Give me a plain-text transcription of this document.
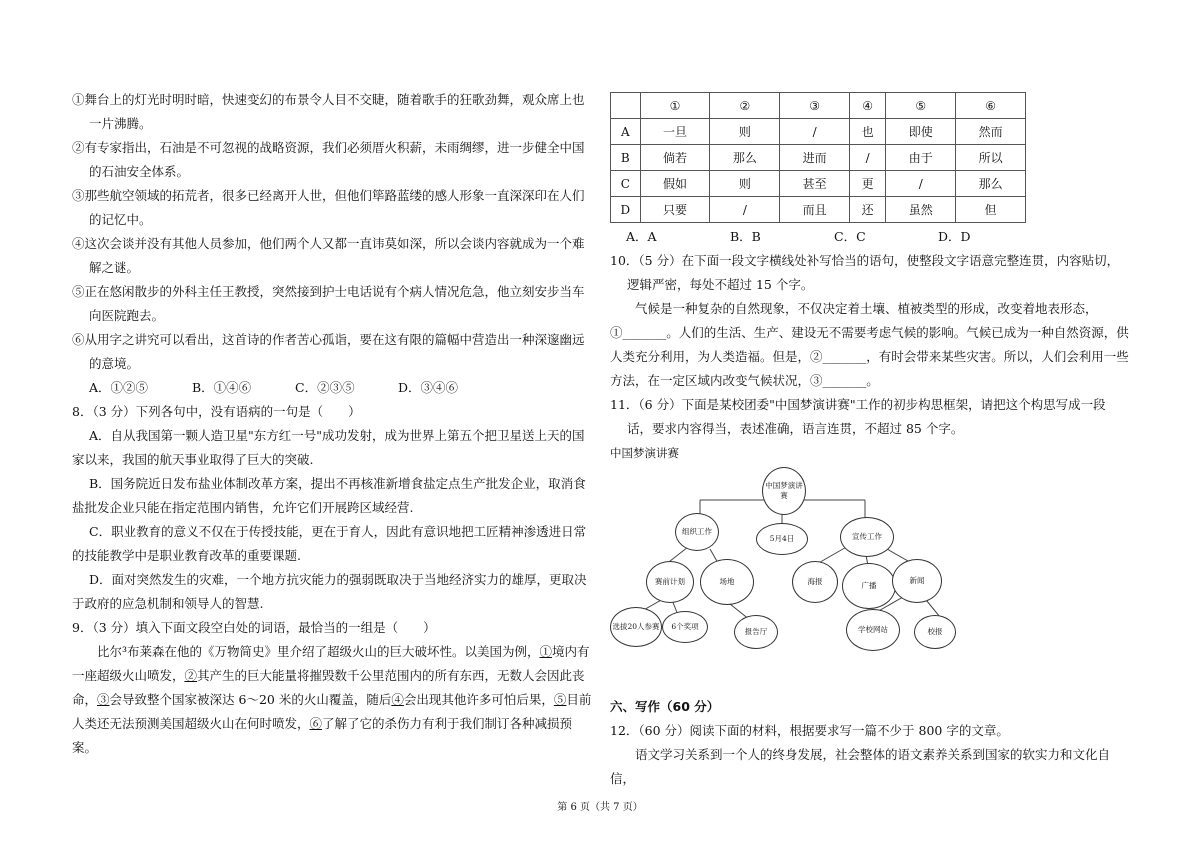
①舞台上的灯光时明时暗，快速变幻的布景令人目不交睫，随着歌手的狂歌劲舞，观众席上也一片沸腾。

②有专家指出，石油是不可忽视的战略资源，我们必须厝火积薪，未雨绸缪，进一步健全中国的石油安全体系。

③那些航空领域的拓荒者，很多已经离开人世，但他们筚路蓝缕的感人形象一直深深印在人们的记忆中。

④这次会谈并没有其他人员参加，他们两个人又都一直讳莫如深，所以会谈内容就成为一个难解之谜。

⑤正在悠闲散步的外科主任王教授，突然接到护士电话说有个病人情况危急，他立刻安步当车向医院跑去。

⑥从用字之讲究可以看出，这首诗的作者苦心孤诣，要在这有限的篇幅中营造出一种深邃幽远的意境。

A．①②⑤	B．①④⑥	C．②③⑤	D．③④⑥

8．（3 分）下列各句中，没有语病的一句是（　　）

A．自从我国第一颗人造卫星"东方红一号"成功发射，成为世界上第五个把卫星送上天的国家以来，我国的航天事业取得了巨大的突破.

B．国务院近日发布盐业体制改革方案，提出不再核准新增食盐定点生产批发企业，取消食盐批发企业只能在指定范围内销售，允许它们开展跨区域经营.

C．职业教育的意义不仅在于传授技能，更在于育人，因此有意识地把工匠精神渗透进日常的技能教学中是职业教育改革的重要课题.

D．面对突然发生的灾难，一个地方抗灾能力的强弱既取决于当地经济实力的雄厚，更取决于政府的应急机制和领导人的智慧.

9．（3 分）填入下面文段空白处的词语，最恰当的一组是（　　）

比尔³布莱森在他的《万物简史》里介绍了超级火山的巨大破坏性。以美国为例，①境内有一座超级火山喷发，②其产生的巨大能量将摧毁数千公里范围内的所有东西，无数人会因此丧命，③会导致整个国家被深达 6～20 米的火山覆盖，随后④会出现其他许多可怕后果，⑤目前人类还无法预测美国超级火山在何时喷发，⑥了解了它的杀伤力有利于我们制订各种减损预案。

	①	②	③	④	⑤	⑥
A	一旦	则	/	也	即使	然而
B	倘若	那么	进而	/	由于	所以
C	假如	则	甚至	更	/	那么
D	只要	/	而且	还	虽然	但
A．A	B．B	C．C	D．D

10．（5 分）在下面一段文字横线处补写恰当的语句，使整段文字语意完整连贯，内容贴切，逻辑严密，每处不超过 15 个字。

气候是一种复杂的自然现象，不仅决定着土壤、植被类型的形成，改变着地表形态，①_______。人们的生活、生产、建设无不需要考虑气候的影响。气候已成为一种自然资源，供人类充分利用，为人类造福。但是，②_______，有时会带来某些灾害。所以，人们会利用一些方法，在一定区域内改变气候状况，③_______。

11．（6 分）下面是某校团委"中国梦演讲赛"工作的初步构思框架，请把这个构思写成一段话，要求内容得当，表述准确，语言连贯，不超过 85 个字。

中国梦演讲赛

中国梦演讲赛
组织工作
5月4日	宣传工作
赛前计划	场地	海报	广播
新闻
选拔20人参赛	6个奖项
报告厅	学校网站	校报

六、写作（60 分）

12．（60 分）阅读下面的材料，根据要求写一篇不少于 800 字的文章。

语文学习关系到一个人的终身发展，社会整体的语文素养关系到国家的软实力和文化自信，

第 6 页（共 7 页）
